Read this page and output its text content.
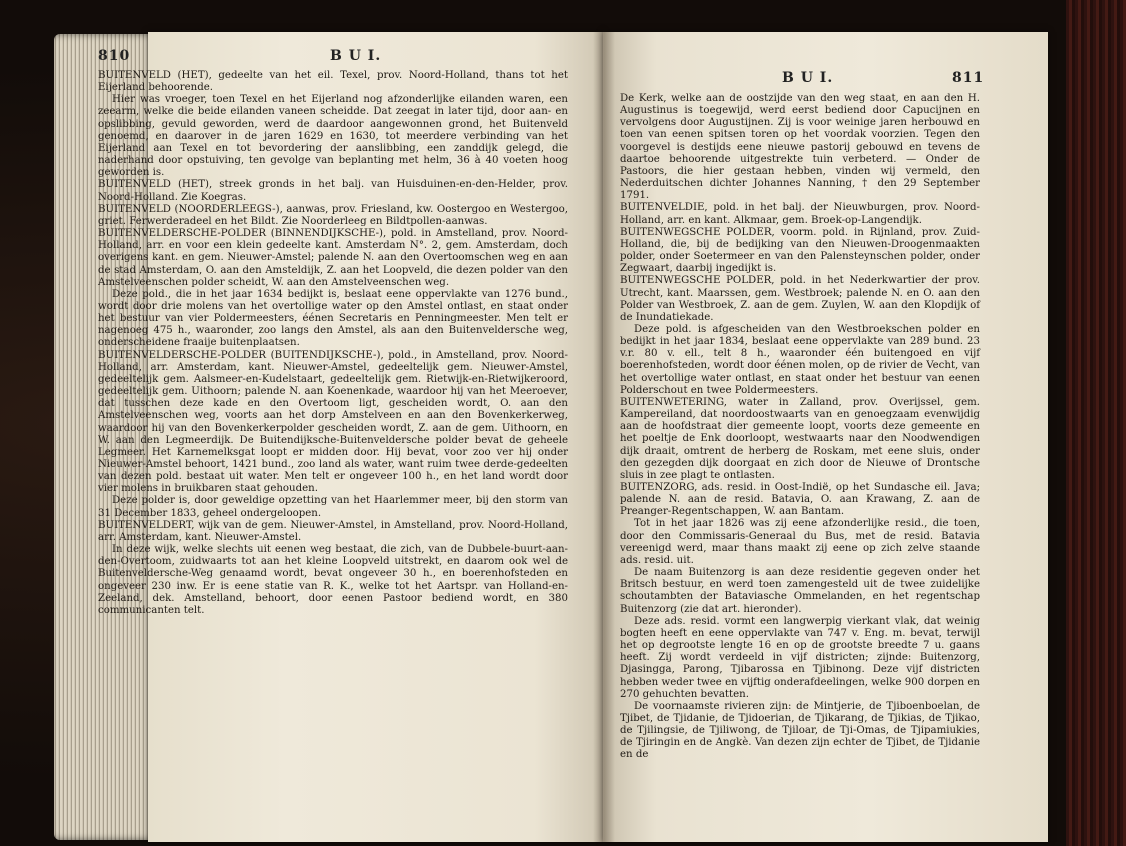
810	B U I.

BUITENVELD (HET), gedeelte van het eil. Texel, prov. Noord-Holland, thans tot het Eijerland behoorende.

Hier was vroeger, toen Texel en het Eijerland nog afzonderlijke eilanden waren, een zeearm, welke die beide eilanden vaneen scheidde. Dat zeegat in later tijd, door aan- en opslibbing, gevuld geworden, werd de daardoor aangewonnen grond, het Buitenveld genoemd, en daarover in de jaren 1629 en 1630, tot meerdere verbinding van het Eijerland aan Texel en tot bevordering der aanslibbing, een zanddijk gelegd, die naderhand door opstuiving, ten gevolge van beplanting met helm, 36 à 40 voeten hoog geworden is.

BUITENVELD (HET), streek gronds in het balj. van Huisduinen-en-den-Helder, prov. Noord-Holland. Zie Koegras.

BUITENVELD (NOORDERLEEGS-), aanwas, prov. Friesland, kw. Oostergoo en Westergoo, griet. Ferwerderadeel en het Bildt. Zie Noorderleeg en Bildtpollen-aanwas.

BUITENVELDERSCHE-POLDER (BINNENDIJKSCHE-), pold. in Amstelland, prov. Noord-Holland, arr. en voor een klein gedeelte kant. Amsterdam N°. 2, gem. Amsterdam, doch overigens kant. en gem. Nieuwer-Amstel; palende N. aan den Overtoomschen weg en aan de stad Amsterdam, O. aan den Amsteldijk, Z. aan het Loopveld, die dezen polder van den Amstelveenschen polder scheidt, W. aan den Amstelveenschen weg.

Deze pold., die in het jaar 1634 bedijkt is, beslaat eene oppervlakte van 1276 bund., wordt door drie molens van het overtollige water op den Amstel ontlast, en staat onder het bestuur van vier Poldermeesters, éénen Secretaris en Penningmeester. Men telt er nagenoeg 475 h., waaronder, zoo langs den Amstel, als aan den Buitenveldersche weg, onderscheidene fraaije buitenplaatsen.

BUITENVELDERSCHE-POLDER (BUITENDIJKSCHE-), pold., in Amstelland, prov. Noord-Holland, arr. Amsterdam, kant. Nieuwer-Amstel, gedeeltelijk gem. Nieuwer-Amstel, gedeeltelijk gem. Aalsmeer-en-Kudelstaart, gedeeltelijk gem. Rietwijk-en-Rietwijkeroord, gedeeltelijk gem. Uithoorn; palende N. aan Koenenkade, waardoor hij van het Meeroever, dat tusschen deze kade en den Overtoom ligt, gescheiden wordt, O. aan den Amstelveenschen weg, voorts aan het dorp Amstelveen en aan den Bovenkerkerweg, waardoor hij van den Bovenkerkerpolder gescheiden wordt, Z. aan de gem. Uithoorn, en W. aan den Legmeerdijk. De Buitendijksche-Buitenveldersche polder bevat de geheele Legmeer. Het Karnemelksgat loopt er midden door. Hij bevat, voor zoo ver hij onder Nieuwer-Amstel behoort, 1421 bund., zoo land als water, want ruim twee derde-gedeelten van dezen pold. bestaat uit water. Men telt er ongeveer 100 h., en het land wordt door vier molens in bruikbaren staat gehouden.

Deze polder is, door geweldige opzetting van het Haarlemmer meer, bij den storm van 31 December 1833, geheel ondergeloopen.

BUITENVELDERT, wijk van de gem. Nieuwer-Amstel, in Amstelland, prov. Noord-Holland, arr. Amsterdam, kant. Nieuwer-Amstel.

In deze wijk, welke slechts uit eenen weg bestaat, die zich, van de Dubbele-buurt-aan-den-Overtoom, zuidwaarts tot aan het kleine Loopveld uitstrekt, en daarom ook wel de Buitenveldersche-Weg genaamd wordt, bevat ongeveer 30 h., en boerenhofsteden en ongeveer 230 inw. Er is eene statie van R. K., welke tot het Aartspr. van Holland-en-Zeeland, dek. Amstelland, behoort, door eenen Pastoor bediend wordt, en 380 communicanten telt.

B U I.	811

De Kerk, welke aan de oostzijde van den weg staat, en aan den H. Augustinus is toegewijd, werd eerst bediend door Capucijnen en vervolgens door Augustijnen. Zij is voor weinige jaren herbouwd en toen van eenen spitsen toren op het voordak voorzien. Tegen den voorgevel is destijds eene nieuwe pastorij gebouwd en tevens de daartoe behoorende uitgestrekte tuin verbeterd. — Onder de Pastoors, die hier gestaan hebben, vinden wij vermeld, den Nederduitschen dichter Johannes Nanning, † den 29 September 1791.

BUITENVELDIE, pold. in het balj. der Nieuwburgen, prov. Noord-Holland, arr. en kant. Alkmaar, gem. Broek-op-Langendijk.

BUITENWEGSCHE POLDER, voorm. pold. in Rijnland, prov. Zuid-Holland, die, bij de bedijking van den Nieuwen-Droogenmaakten polder, onder Soetermeer en van den Palensteynschen polder, onder Zegwaart, daarbij ingedijkt is.

BUITENWEGSCHE POLDER, pold. in het Nederkwartier der prov. Utrecht, kant. Maarssen, gem. Westbroek; palende N. en O. aan den Polder van Westbroek, Z. aan de gem. Zuylen, W. aan den Klopdijk of de Inundatiekade.

Deze pold. is afgescheiden van den Westbroekschen polder en bedijkt in het jaar 1834, beslaat eene oppervlakte van 289 bund. 23 v.r. 80 v. ell., telt 8 h., waaronder één buitengoed en vijf boerenhofsteden, wordt door éénen molen, op de rivier de Vecht, van het overtollige water ontlast, en staat onder het bestuur van eenen Polderschout en twee Poldermeesters.

BUITENWETERING, water in Zalland, prov. Overijssel, gem. Kampereiland, dat noordoostwaarts van en genoegzaam evenwijdig aan de hoofdstraat dier gemeente loopt, voorts deze gemeente en het poeltje de Enk doorloopt, westwaarts naar den Noodwendigen dijk draait, omtrent de herberg de Roskam, met eene sluis, onder den gezegden dijk doorgaat en zich door de Nieuwe of Drontsche sluis in zee plagt te ontlasten.

BUITENZORG, ads. resid. in Oost-Indië, op het Sundasche eil. Java; palende N. aan de resid. Batavia, O. aan Krawang, Z. aan de Preanger-Regentschappen, W. aan Bantam.

Tot in het jaar 1826 was zij eene afzonderlijke resid., die toen, door den Commissaris-Generaal du Bus, met de resid. Batavia vereenigd werd, maar thans maakt zij eene op zich zelve staande ads. resid. uit.

De naam Buitenzorg is aan deze residentie gegeven onder het Britsch bestuur, en werd toen zamengesteld uit de twee zuidelijke schoutambten der Bataviasche Ommelanden, en het regentschap Buitenzorg (zie dat art. hieronder).

Deze ads. resid. vormt een langwerpig vierkant vlak, dat weinig bogten heeft en eene oppervlakte van 747 v. Eng. m. bevat, terwijl het op degrootste lengte 16 en op de grootste breedte 7 u. gaans heeft. Zij wordt verdeeld in vijf districten; zijnde: Buitenzorg, Djasingga, Parong, Tjibarossa en Tjibinong. Deze vijf districten hebben weder twee en vijftig onderafdeelingen, welke 900 dorpen en 270 gehuchten bevatten.

De voornaamste rivieren zijn: de Mintjerie, de Tjiboenboelan, de Tjibet, de Tjidanie, de Tjidoerian, de Tjikarang, de Tjikias, de Tjikao, de Tjilingsie, de Tjiliwong, de Tjiloar, de Tji-Omas, de Tjipamiukies, de Tjiringin en de Angkè. Van dezen zijn echter de Tjibet, de Tjidanie en de
